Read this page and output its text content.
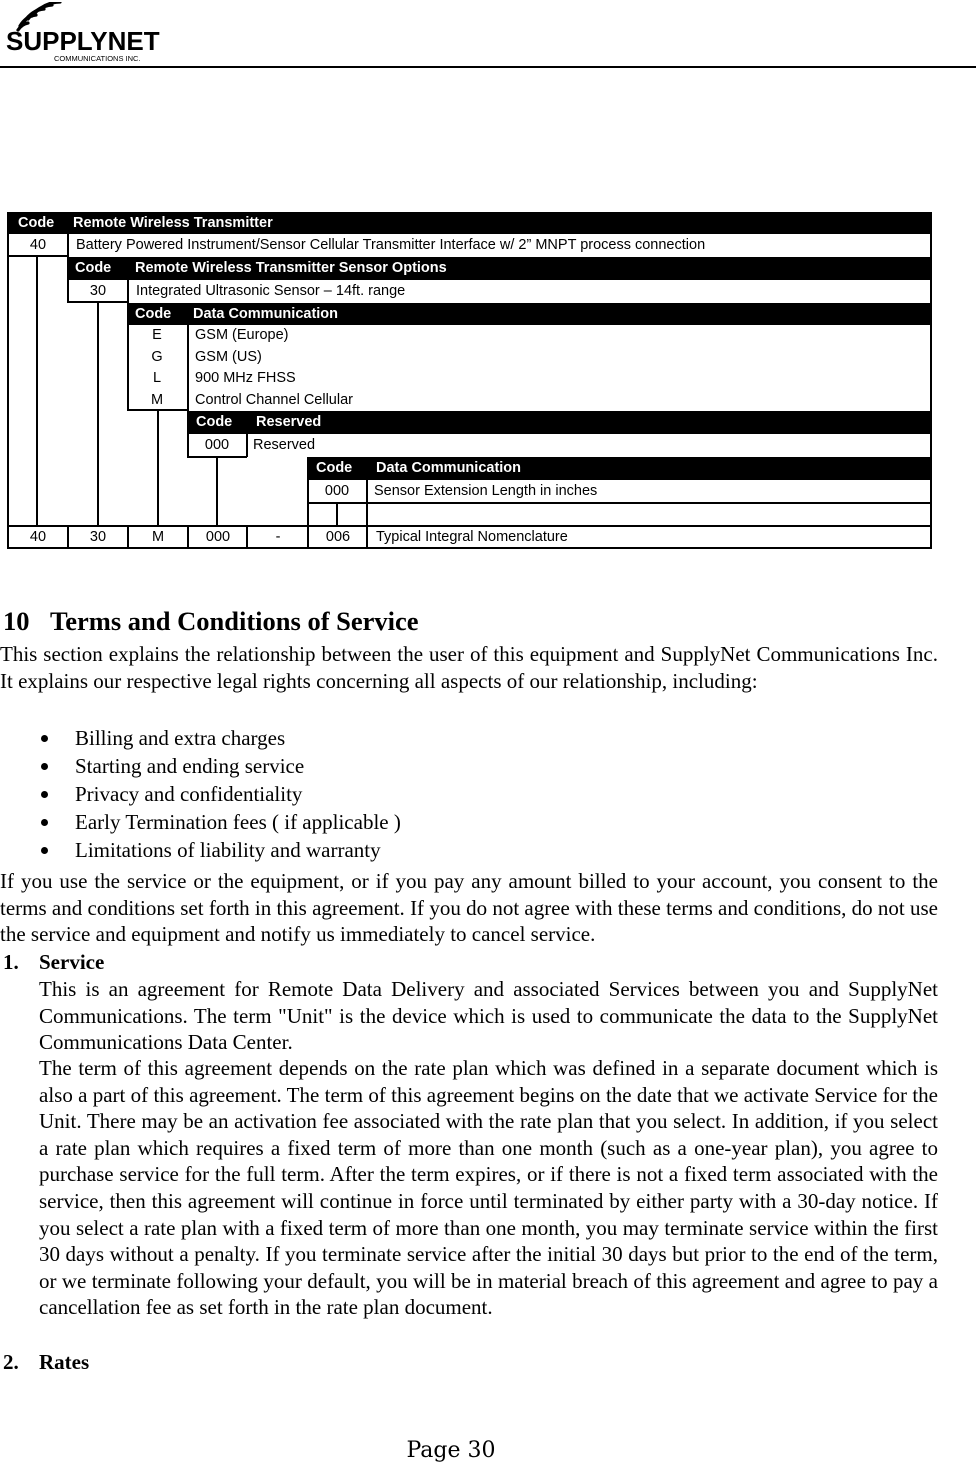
SUPPLYNET
COMMUNICATIONS INC.
Code Remote Wireless Transmitter
40	Battery Powered Instrument/Sensor Cellular Transmitter Interface w/ 2” MNPT process connection
Code Remote Wireless Transmitter Sensor Options
30	Integrated Ultrasonic Sensor – 14ft. range
Code Data Communication
E	GSM (Europe)
G	GSM (US)
L	900 MHz FHSS
M	Control Channel Cellular
Code Reserved
000	Reserved
Code Data Communication
000	Sensor Extension Length in inches
40	30	M	000	-	006	Typical Integral Nomenclature
10 Terms and Conditions of Service

This section explains the relationship between the user of this equipment and SupplyNet Communications Inc. It explains our respective legal rights concerning all aspects of our relationship, including:

Billing and extra charges
Starting and ending service
Privacy and confidentiality
Early Termination fees ( if applicable )
Limitations of liability and warranty

If you use the service or the equipment, or if you pay any amount billed to your account, you consent to the terms and conditions set forth in this agreement. If you do not agree with these terms and conditions, do not use the service and equipment and notify us immediately to cancel service.

1. Service

This is an agreement for Remote Data Delivery and associated Services between you and SupplyNet Communications. The term "Unit" is the device which is used to communicate the data to the SupplyNet Communications Data Center.

The term of this agreement depends on the rate plan which was defined in a separate document which is also a part of this agreement. The term of this agreement begins on the date that we activate Service for the Unit. There may be an activation fee associated with the rate plan that you select. In addition, if you select a rate plan which requires a fixed term of more than one month (such as a one-year plan), you agree to purchase service for the full term. After the term expires, or if there is not a fixed term associated with the service, then this agreement will continue in force until terminated by either party with a 30-day notice. If you select a rate plan with a fixed term of more than one month, you may terminate service within the first 30 days without a penalty. If you terminate service after the initial 30 days but prior to the end of the term, or we terminate following your default, you will be in material breach of this agreement and agree to pay a cancellation fee as set forth in the rate plan document.

2. Rates
Page 30
